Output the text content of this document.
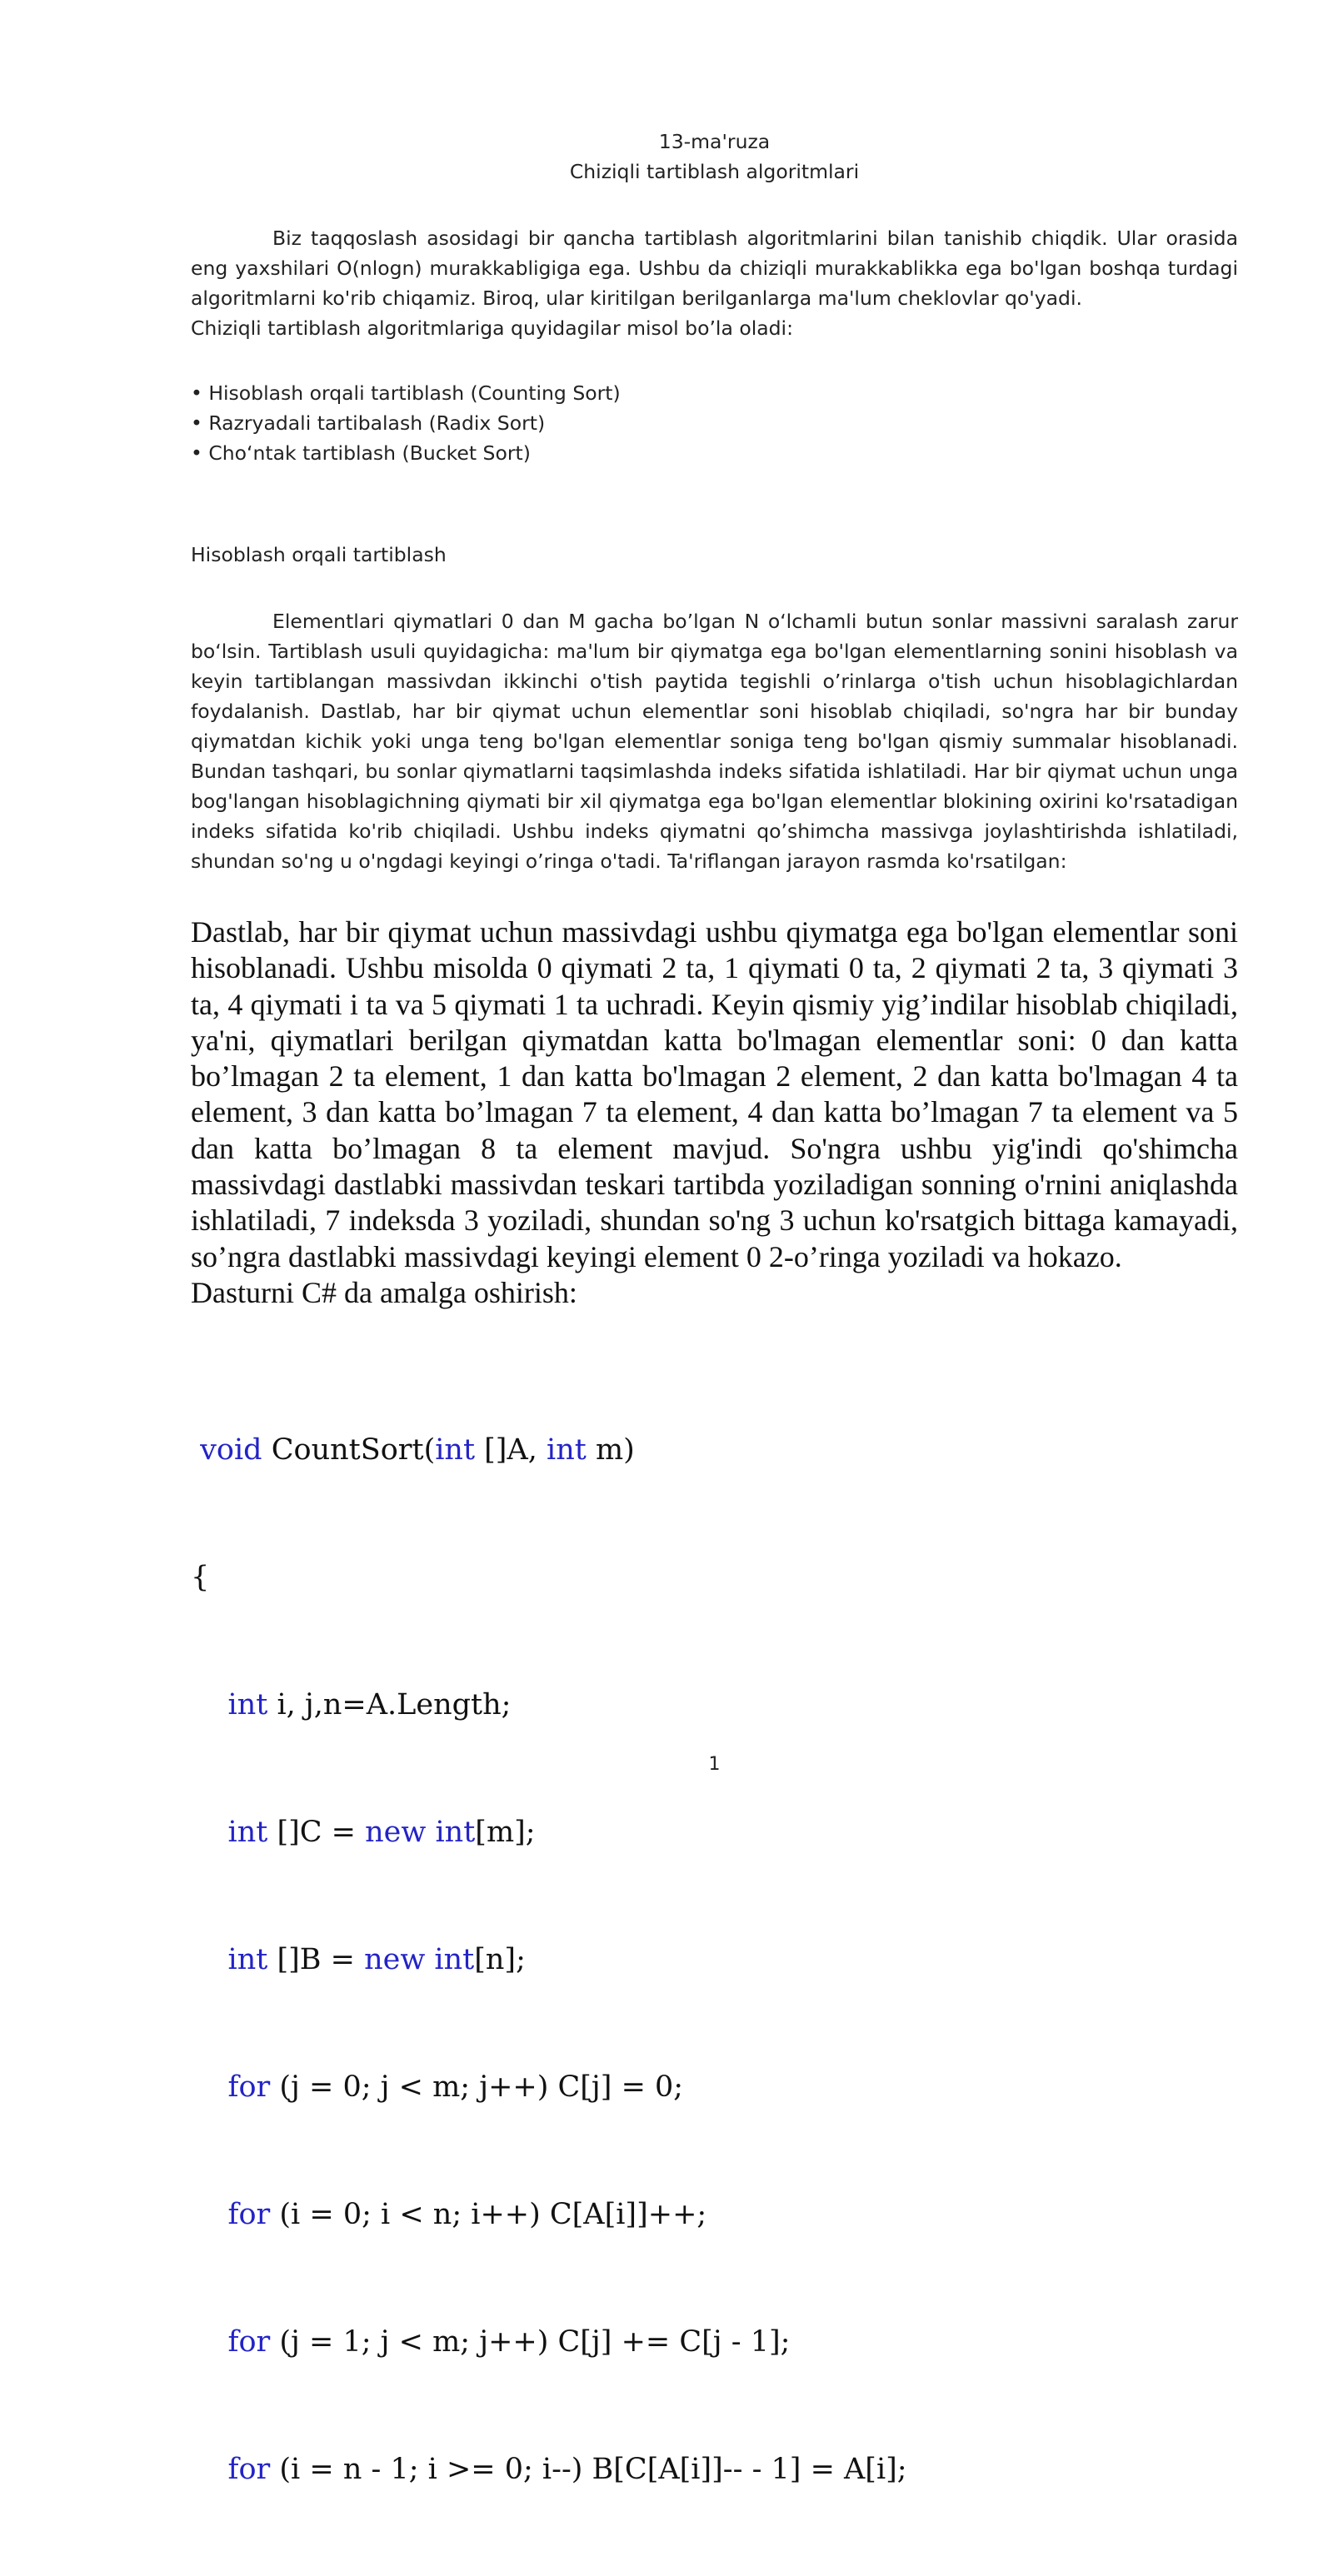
13-ma'ruza
Chiziqli tartiblash algoritmlari

Biz taqqoslash asosidagi bir qancha tartiblash algoritmlarini bilan tanishib chiqdik. Ular orasida eng yaxshilari O(nlogn) murakkabligiga ega. Ushbu da chiziqli murakkablikka ega bo'lgan boshqa turdagi algoritmlarni ko'rib chiqamiz. Biroq, ular kiritilgan berilganlarga ma'lum cheklovlar qo'yadi.

Chiziqli tartiblash algoritmlariga quyidagilar misol bo’la oladi:

• Hisoblash orqali tartiblash (Counting Sort)
• Razryadali tartibalash (Radix Sort)
• Cho‘ntak tartiblash (Bucket Sort)
Hisoblash orqali tartiblash

Elementlari qiymatlari 0 dan M gacha bo’lgan N o‘lchamli butun sonlar massivni saralash zarur bo‘lsin. Tartiblash usuli quyidagicha: ma'lum bir qiymatga ega bo'lgan elementlarning sonini hisoblash va keyin tartiblangan massivdan ikkinchi o'tish paytida tegishli o’rinlarga o'tish uchun hisoblagichlardan foydalanish. Dastlab, har bir qiymat uchun elementlar soni hisoblab chiqiladi, so'ngra har bir bunday qiymatdan kichik yoki unga teng bo'lgan elementlar soniga teng bo'lgan qismiy summalar hisoblanadi. Bundan tashqari, bu sonlar qiymatlarni taqsimlashda indeks sifatida ishlatiladi. Har bir qiymat uchun unga bog'langan hisoblagichning qiymati bir xil qiymatga ega bo'lgan elementlar blokining oxirini ko'rsatadigan indeks sifatida ko'rib chiqiladi. Ushbu indeks qiymatni qo’shimcha massivga joylashtirishda ishlatiladi, shundan so'ng u o'ngdagi keyingi o’ringa o'tadi. Ta'riflangan jarayon rasmda ko'rsatilgan:

Dastlab, har bir qiymat uchun massivdagi ushbu qiymatga ega bo'lgan elementlar soni hisoblanadi. Ushbu misolda 0 qiymati 2 ta, 1 qiymati 0 ta, 2 qiymati 2 ta, 3 qiymati 3 ta, 4 qiymati i ta va 5 qiymati 1 ta uchradi. Keyin qismiy yig’indilar hisoblab chiqiladi, ya'ni, qiymatlari berilgan qiymatdan katta bo'lmagan elementlar soni: 0 dan katta bo’lmagan 2 ta element, 1 dan katta bo'lmagan 2 element, 2 dan katta bo'lmagan 4 ta element, 3 dan katta bo’lmagan 7 ta element, 4 dan katta bo’lmagan 7 ta element va 5 dan katta bo’lmagan 8 ta element mavjud. So'ngra ushbu yig'indi qo'shimcha massivdagi dastlabki massivdan teskari tartibda yoziladigan sonning o'rnini aniqlashda ishlatiladi, 7 indeksda 3 yoziladi, shundan so'ng 3 uchun ko'rsatgich bittaga kamayadi, so’ngra dastlabki massivdagi keyingi element 0 2-o’ringa yoziladi va hokazo.

Dasturni C# da amalga oshirish:

void CountSort(int []A, int m)

{

int i, j,n=A.Length;

int []C = new int[m];

int []B = new int[n];

for (j = 0; j < m; j++) C[j] = 0;

for (i = 0; i < n; i++) C[A[i]]++;

for (j = 1; j < m; j++) C[j] += C[j - 1];

for (i = n - 1; i >= 0; i--) B[C[A[i]]-- - 1] = A[i];

1
